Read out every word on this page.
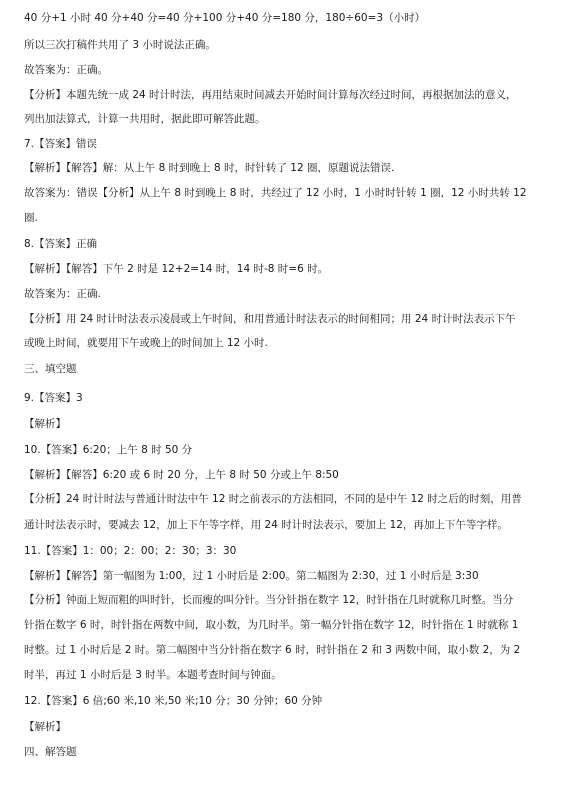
40 分+1 小时 40 分+40 分=40 分+100 分+40 分=180 分，180÷60=3（小时）
所以三次打稿件共用了 3 小时说法正确。
故答案为：正确。
【分析】本题先统一成 24 时计时法，再用结束时间减去开始时间计算每次经过时间，再根据加法的意义，
列出加法算式，计算一共用时，据此即可解答此题。
7.【答案】错误
【解析】【解答】解：从上午 8 时到晚上 8 时，时针转了 12 圈，原题说法错误.
故答案为：错误【分析】从上午 8 时到晚上 8 时，共经过了 12 小时，1 小时时针转 1 圈，12 小时共转 12
圈.
8.【答案】正确
【解析】【解答】下午 2 时是 12+2=14 时，14 时-8 时=6 时。
故答案为：正确.
【分析】用 24 时计时法表示凌晨或上午时间，和用普通计时法表示的时间相同；用 24 时计时法表示下午
或晚上时间，就要用下午或晚上的时间加上 12 小时.
三、填空题
9.【答案】3
【解析】
10.【答案】6:20；上午 8 时 50 分
【解析】【解答】6:20 或 6 时 20 分，上午 8 时 50 分或上午 8:50
【分析】24 时计时法与普通计时法中午 12 时之前表示的方法相同，不同的是中午 12 时之后的时刻，用普
通计时法表示时，要减去 12，加上下午等字样，用 24 时计时法表示，要加上 12，再加上下午等字样。
11.【答案】1：00；2：00；2：30；3：30
【解析】【解答】第一幅图为 1:00，过 1 小时后是 2:00。第二幅图为 2:30，过 1 小时后是 3:30
【分析】钟面上短而粗的叫时针，长而瘦的叫分针。当分针指在数字 12，时针指在几时就称几时整。当分
针指在数字 6 时，时针指在两数中间，取小数，为几时半。第一幅分针指在数字 12，时针指在 1 时就称 1
时整。过 1 小时后是 2 时。第二幅图中当分针指在数字 6 时，时针指在 2 和 3 两数中间，取小数 2，为 2
时半，再过 1 小时后是 3 时半。本题考查时间与钟面。
12.【答案】6 倍;60 米,10 米,50 米;10 分；30 分钟；60 分钟
【解析】
四、解答题
